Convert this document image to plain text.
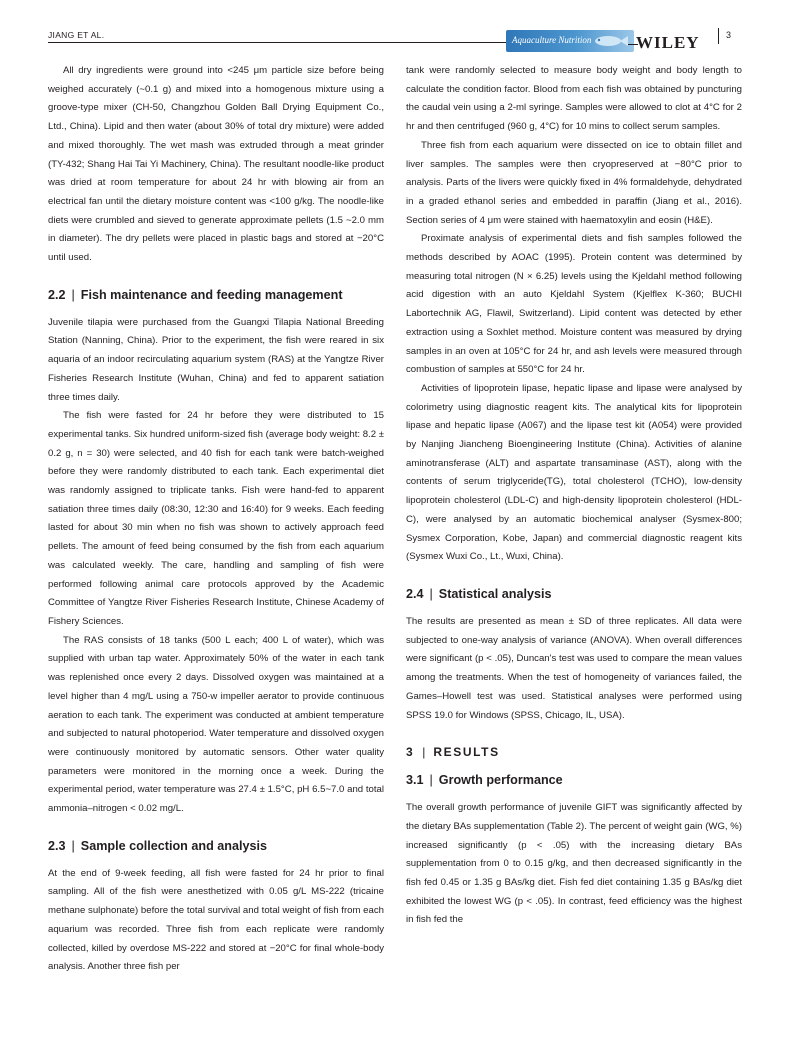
JIANG ET AL.	Aquaculture Nutrition	WILEY	3

All dry ingredients were ground into <245 μm particle size before being weighed accurately (~0.1 g) and mixed into a homogenous mixture using a groove-type mixer (CH-50, Changzhou Golden Ball Drying Equipment Co., Ltd., China). Lipid and then water (about 30% of total dry mixture) were added and mixed thoroughly. The wet mash was extruded through a meat grinder (TY-432; Shang Hai Tai Yi Machinery, China). The resultant noodle-like product was dried at room temperature for about 24 hr with blowing air from an electrical fan until the dietary moisture content was <100 g/kg. The noodle-like diets were crumbled and sieved to generate approximate pellets (1.5 ~2.0 mm in diameter). The dry pellets were placed in plastic bags and stored at −20°C until used.

2.2 | Fish maintenance and feeding management

Juvenile tilapia were purchased from the Guangxi Tilapia National Breeding Station (Nanning, China). Prior to the experiment, the fish were reared in six aquaria of an indoor recirculating aquarium system (RAS) at the Yangtze River Fisheries Research Institute (Wuhan, China) and fed to apparent satiation three times daily.

The fish were fasted for 24 hr before they were distributed to 15 experimental tanks. Six hundred uniform-sized fish (average body weight: 8.2 ± 0.2 g, n = 30) were selected, and 40 fish for each tank were batch-weighed before they were randomly distributed to each tank. Each experimental diet was randomly assigned to triplicate tanks. Fish were hand-fed to apparent satiation three times daily (08:30, 12:30 and 16:40) for 9 weeks. Each feeding lasted for about 30 min when no fish was shown to actively approach feed pellets. The amount of feed being consumed by the fish from each aquarium was calculated weekly. The care, handling and sampling of fish were performed following animal care protocols approved by the Academic Committee of Yangtze River Fisheries Research Institute, Chinese Academy of Fishery Sciences.

The RAS consists of 18 tanks (500 L each; 400 L of water), which was supplied with urban tap water. Approximately 50% of the water in each tank was replenished once every 2 days. Dissolved oxygen was maintained at a level higher than 4 mg/L using a 750-w impeller aerator to provide continuous aeration to each tank. The experiment was conducted at ambient temperature and subjected to natural photoperiod. Water temperature and dissolved oxygen were continuously monitored by automatic sensors. Other water quality parameters were monitored in the morning once a week. During the experimental period, water temperature was 27.4 ± 1.5°C, pH 6.5~7.0 and total ammonia–nitrogen < 0.02 mg/L.

2.3 | Sample collection and analysis

At the end of 9-week feeding, all fish were fasted for 24 hr prior to final sampling. All of the fish were anesthetized with 0.05 g/L MS-222 (tricaine methane sulphonate) before the total survival and total weight of fish from each aquarium was recorded. Three fish from each replicate were randomly collected, killed by overdose MS-222 and stored at −20°C for final whole-body analysis. Another three fish per

tank were randomly selected to measure body weight and body length to calculate the condition factor. Blood from each fish was obtained by puncturing the caudal vein using a 2-ml syringe. Samples were allowed to clot at 4°C for 2 hr and then centrifuged (960 g, 4°C) for 10 mins to collect serum samples.

Three fish from each aquarium were dissected on ice to obtain fillet and liver samples. The samples were then cryopreserved at −80°C prior to analysis. Parts of the livers were quickly fixed in 4% formaldehyde, dehydrated in a graded ethanol series and embedded in paraffin (Jiang et al., 2016). Section series of 4 μm were stained with haematoxylin and eosin (H&E).

Proximate analysis of experimental diets and fish samples followed the methods described by AOAC (1995). Protein content was determined by measuring total nitrogen (N × 6.25) levels using the Kjeldahl method following acid digestion with an auto Kjeldahl System (Kjelflex K-360; BUCHI Labortechnik AG, Flawil, Switzerland). Lipid content was detected by ether extraction using a Soxhlet method. Moisture content was measured by drying samples in an oven at 105°C for 24 hr, and ash levels were measured through combustion of samples at 550°C for 24 hr.

Activities of lipoprotein lipase, hepatic lipase and lipase were analysed by colorimetry using diagnostic reagent kits. The analytical kits for lipoprotein lipase and hepatic lipase (A067) and the lipase test kit (A054) were provided by Nanjing Jiancheng Bioengineering Institute (China). Activities of alanine aminotransferase (ALT) and aspartate transaminase (AST), along with the contents of serum triglyceride(TG), total cholesterol (TCHO), low-density lipoprotein cholesterol (LDL-C) and high-density lipoprotein cholesterol (HDL-C), were analysed by an automatic biochemical analyser (Sysmex-800; Sysmex Corporation, Kobe, Japan) and commercial diagnostic reagent kits (Sysmex Wuxi Co., Lt., Wuxi, China).

2.4 | Statistical analysis

The results are presented as mean ± SD of three replicates. All data were subjected to one-way analysis of variance (ANOVA). When overall differences were significant (p < .05), Duncan's test was used to compare the mean values among the treatments. When the test of homogeneity of variances failed, the Games–Howell test was used. Statistical analyses were performed using SPSS 19.0 for Windows (SPSS, Chicago, IL, USA).

3 | RESULTS
3.1 | Growth performance

The overall growth performance of juvenile GIFT was significantly affected by the dietary BAs supplementation (Table 2). The percent of weight gain (WG, %) increased significantly (p < .05) with the increasing dietary BAs supplementation from 0 to 0.15 g/kg, and then decreased significantly in the fish fed 0.45 or 1.35 g BAs/kg diet. Fish fed diet containing 1.35 g BAs/kg diet exhibited the lowest WG (p < .05). In contrast, feed efficiency was the highest in fish fed the
